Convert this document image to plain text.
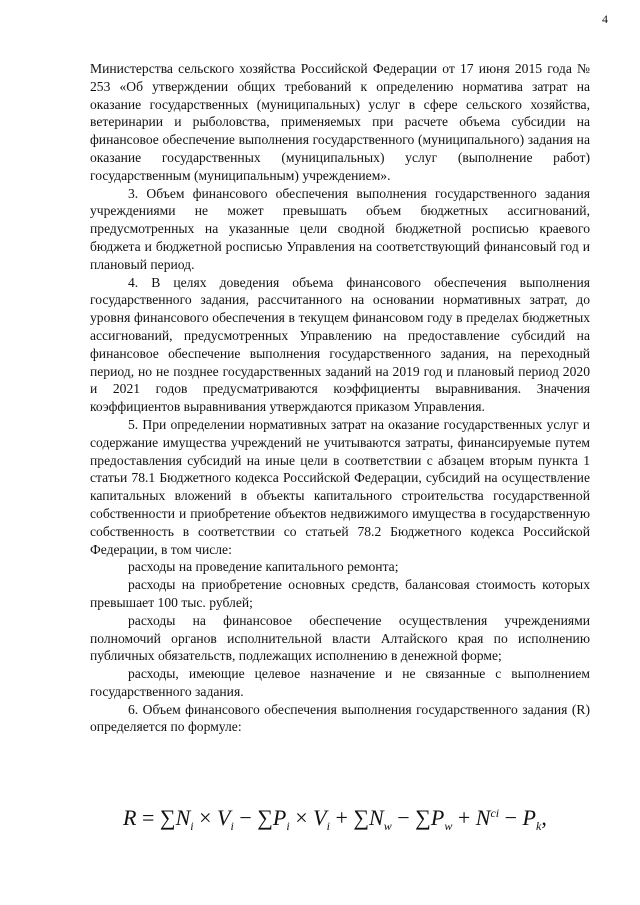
4

Министерства сельского хозяйства Российской Федерации от 17 июня 2015 года № 253 «Об утверждении общих требований к определению норматива затрат на оказание государственных (муниципальных) услуг в сфере сельского хозяйства, ветеринарии и рыболовства, применяемых при расчете объема субсидии на финансовое обеспечение выполнения государственного (муниципального) задания на оказание государственных (муниципальных) услуг (выполнение работ) государственным (муниципальным) учреждением».

3. Объем финансового обеспечения выполнения государственного задания учреждениями не может превышать объем бюджетных ассигнований, предусмотренных на указанные цели сводной бюджетной росписью краевого бюджета и бюджетной росписью Управления на соответствующий финансовый год и плановый период.

4. В целях доведения объема финансового обеспечения выполнения государственного задания, рассчитанного на основании нормативных затрат, до уровня финансового обеспечения в текущем финансовом году в пределах бюджетных ассигнований, предусмотренных Управлению на предоставление субсидий на финансовое обеспечение выполнения государственного задания, на переходный период, но не позднее государственных заданий на 2019 год и плановый период 2020 и 2021 годов предусматриваются коэффициенты выравнивания. Значения коэффициентов выравнивания утверждаются приказом Управления.

5. При определении нормативных затрат на оказание государственных услуг и содержание имущества учреждений не учитываются затраты, финансируемые путем предоставления субсидий на иные цели в соответствии с абзацем вторым пункта 1 статьи 78.1 Бюджетного кодекса Российской Федерации, субсидий на осуществление капитальных вложений в объекты капитального строительства государственной собственности и приобретение объектов недвижимого имущества в государственную собственность в соответствии со статьей 78.2 Бюджетного кодекса Российской Федерации, в том числе:

расходы на проведение капитального ремонта;

расходы на приобретение основных средств, балансовая стоимость которых превышает 100 тыс. рублей;

расходы на финансовое обеспечение осуществления учреждениями полномочий органов исполнительной власти Алтайского края по исполнению публичных обязательств, подлежащих исполнению в денежной форме;

расходы, имеющие целевое назначение и не связанные с выполнением государственного задания.

6. Объем финансового обеспечения выполнения государственного задания (R) определяется по формуле:

$R = \sum N_i \times V_i - \sum P_i \times V_i + \sum N_w - \sum P_w + N^{ci} - P_k$,
